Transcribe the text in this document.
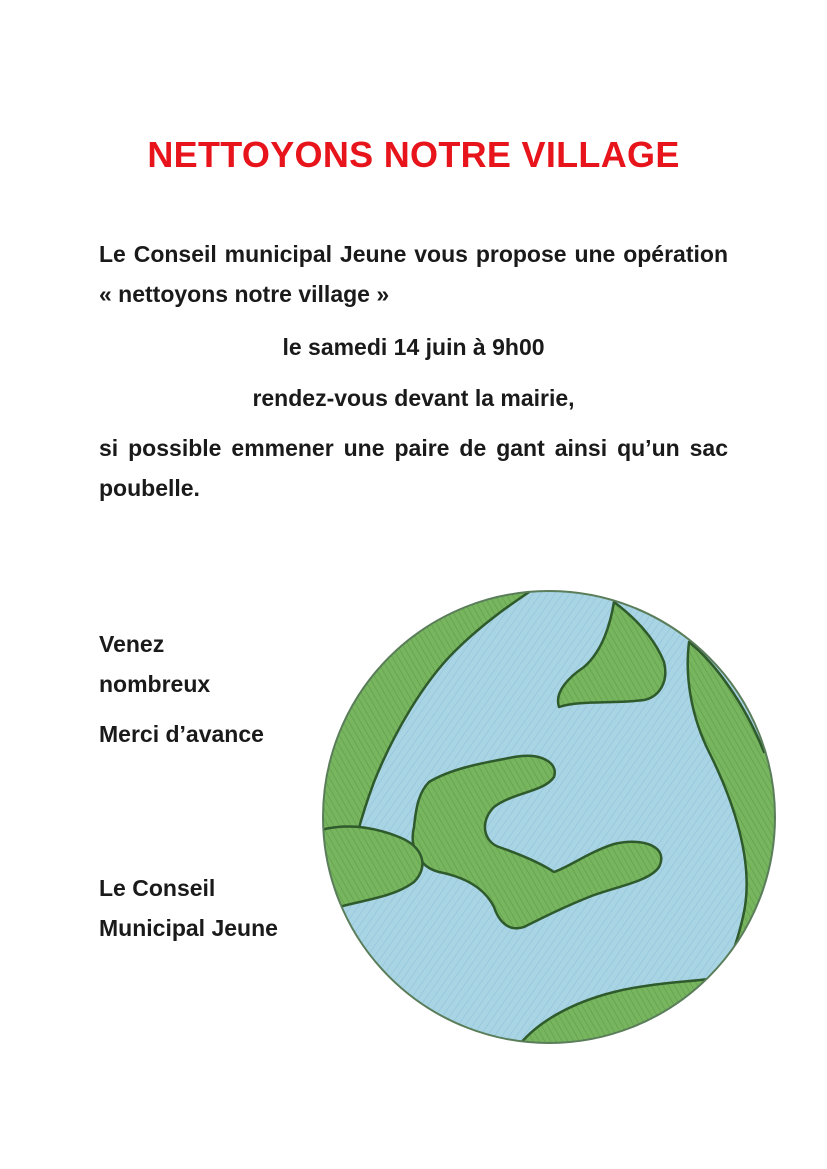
NETTOYONS NOTRE VILLAGE
Le Conseil municipal Jeune vous propose une opération « nettoyons notre village »
le samedi 14 juin à 9h00
rendez-vous devant la mairie,
si possible emmener une paire de gant ainsi qu’un sac poubelle.
Venez nombreux
Merci d’avance
Le Conseil Municipal Jeune
